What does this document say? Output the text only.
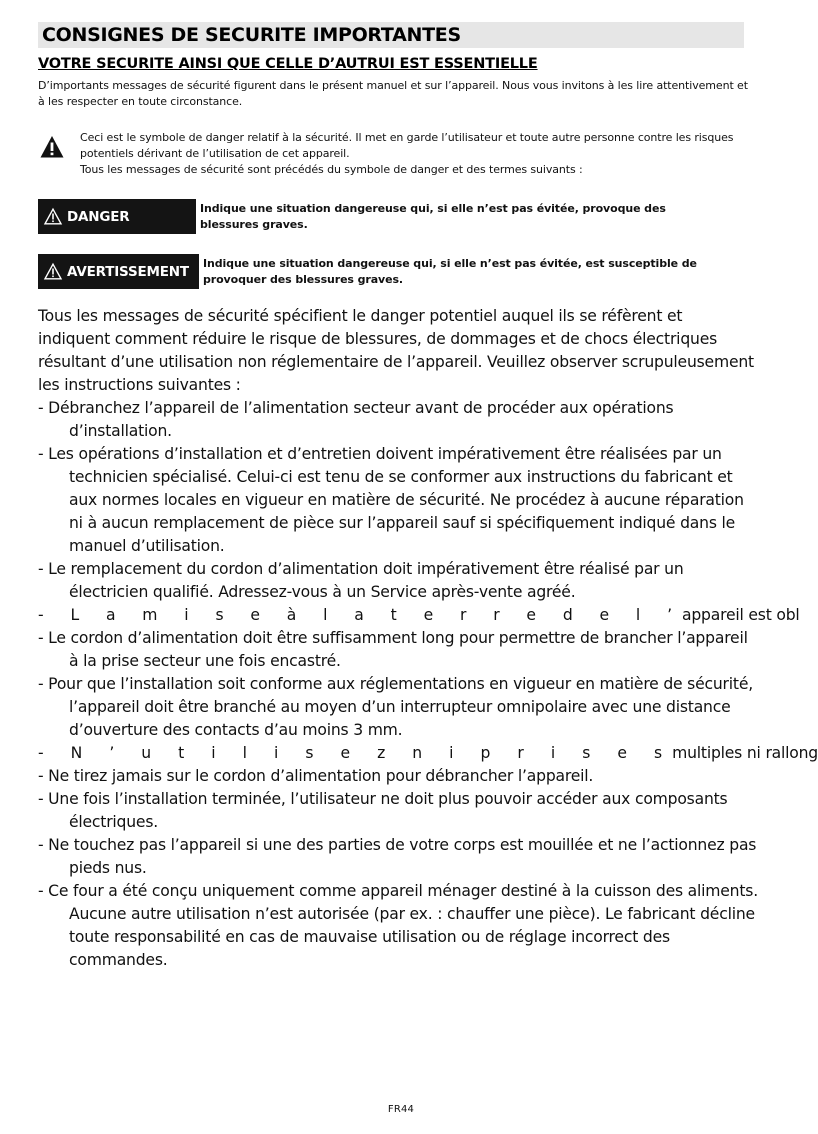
CONSIGNES DE SECURITE IMPORTANTES
VOTRE SECURITE AINSI QUE CELLE D’AUTRUI EST ESSENTIELLE
D’importants messages de sécurité figurent dans le présent manuel et sur l’appareil. Nous vous invitons à les lire attentivement et à les respecter en toute circonstance.
Ceci est le symbole de danger relatif à la sécurité. Il met en garde l’utilisateur et toute autre personne contre les risques potentiels dérivant de l’utilisation de cet appareil.
Tous les messages de sécurité sont précédés du symbole de danger et des termes suivants :
DANGER	Indique une situation dangereuse qui, si elle n’est pas évitée, provoque des blessures graves.
AVERTISSEMENT Indique une situation dangereuse qui, si elle n’est pas évitée, est susceptible de provoquer des blessures graves.

Tous les messages de sécurité spécifient le danger potentiel auquel ils se réfèrent et indiquent comment réduire le risque de blessures, de dommages et de chocs électriques résultant d’une utilisation non réglementaire de l’appareil. Veuillez observer scrupuleusement les instructions suivantes :

- Débranchez l’appareil de l’alimentation secteur avant de procéder aux opérations d’installation.

- Les opérations d’installation et d’entretien doivent impérativement être réalisées par un technicien spécialisé. Celui-ci est tenu de se conformer aux instructions du fabricant et aux normes locales en vigueur en matière de sécurité. Ne procédez à aucune réparation ni à aucun remplacement de pièce sur l’appareil sauf si spécifiquement indiqué dans le manuel d’utilisation.

- Le remplacement du cordon d’alimentation doit impérativement être réalisé par un électricien qualifié. Adressez-vous à un Service après-vente agréé.

- L a m i s e à l a t e r r e d e l ’ appareil est obl

- Le cordon d’alimentation doit être suffisamment long pour permettre de brancher l’appareil à la prise secteur une fois encastré.

- Pour que l’installation soit conforme aux réglementations en vigueur en matière de sécurité, l’appareil doit être branché au moyen d’un interrupteur omnipolaire avec une distance d’ouverture des contacts d’au moins 3 mm.

- N ’ u t i l i s e z n i p r i s e s multiples ni rallong

- Ne tirez jamais sur le cordon d’alimentation pour débrancher l’appareil.

- Une fois l’installation terminée, l’utilisateur ne doit plus pouvoir accéder aux composants électriques.

- Ne touchez pas l’appareil si une des parties de votre corps est mouillée et ne l’actionnez pas pieds nus.

- Ce four a été conçu uniquement comme appareil ménager destiné à la cuisson des aliments. Aucune autre utilisation n’est autorisée (par ex. : chauffer une pièce). Le fabricant décline toute responsabilité en cas de mauvaise utilisation ou de réglage incorrect des commandes.

FR44
